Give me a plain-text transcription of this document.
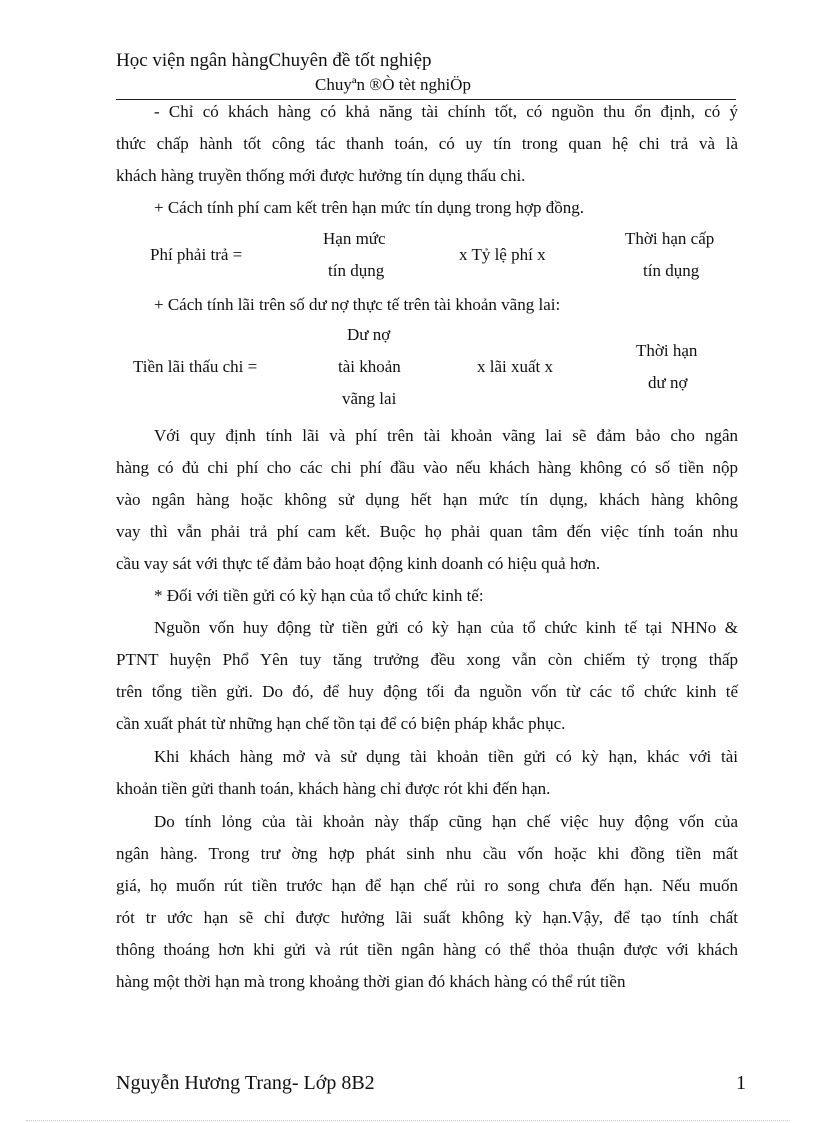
Học viện ngân hàngChuyên đề tốt nghiệp
Chuyªn ®Ò tèt nghiÖp
- Chỉ có khách hàng có khả năng tài chính tốt, có nguồn thu ổn định, có ý
thức chấp hành tốt công tác thanh toán, có uy tín trong quan hệ chi trả và là
khách hàng truyền thống mới được hưởng tín dụng thấu chi.
+ Cách tính phí cam kết trên hạn mức tín dụng trong hợp đồng.
Phí phải trả =
Hạn mức
tín dụng
x Tỷ lệ phí x
Thời hạn cấp
tín dụng
+ Cách tính lãi trên số dư nợ thực tế trên tài khoản vãng lai:
Tiền lãi thấu chi =
Dư nợ
tài khoản
vãng lai
x lãi xuất x
Thời hạn
dư nợ
Với quy định tính lãi và phí trên tài khoản vãng lai sẽ đảm bảo cho ngân
hàng có đủ chi phí cho các chi phí đầu vào nếu khách hàng không có số tiền nộp
vào ngân hàng hoặc không sử dụng hết hạn mức tín dụng, khách hàng không
vay thì vẫn phải trả phí cam kết. Buộc họ phải quan tâm đến việc tính toán nhu
cầu vay sát với thực tế đảm bảo hoạt động kinh doanh có hiệu quả hơn.
* Đối với tiền gửi có kỳ hạn của tổ chức kinh tế:
Nguồn vốn huy động từ tiền gửi có kỳ hạn của tổ chức kinh tế tại NHNo &
PTNT huyện Phổ Yên tuy tăng trưởng đều xong vẫn còn chiếm tỷ trọng thấp
trên tổng tiền gửi. Do đó, để huy động tối đa nguồn vốn từ các tổ chức kinh tế
cần xuất phát từ những hạn chế tồn tại để có biện pháp khắc phục.
Khi khách hàng mở và sử dụng tài khoản tiền gửi có kỳ hạn, khác với tài
khoản tiền gửi thanh toán, khách hàng chỉ được rót khi đến hạn.
Do tính lỏng của tài khoản này thấp cũng hạn chế việc huy động vốn của
ngân hàng. Trong trư ờng hợp phát sinh nhu cầu vốn hoặc khi đồng tiền mất
giá, họ muốn rút tiền trước hạn để hạn chế rủi ro song chưa đến hạn. Nếu muốn
rót tr ước hạn sẽ chỉ được hưởng lãi suất không kỳ hạn.Vậy, để tạo tính chất
thông thoáng hơn khi gửi và rút tiền ngân hàng có thể thỏa thuận được với khách
hàng một thời hạn mà trong khoảng thời gian đó khách hàng có thể rút tiền
Nguyễn Hương Trang- Lớp 8B2	1
